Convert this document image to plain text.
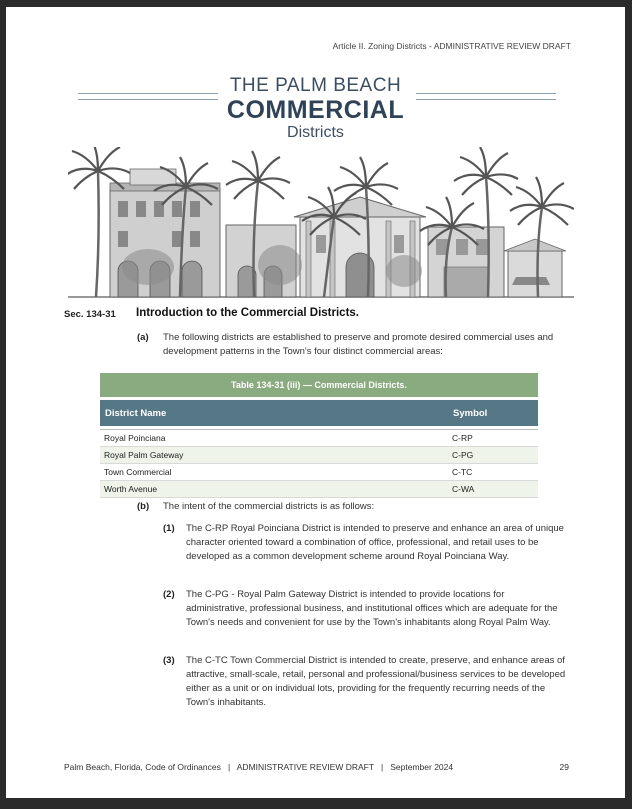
Article II. Zoning Districts - ADMINISTRATIVE REVIEW DRAFT
THE PALM BEACH
COMMERCIAL
Districts
Sec. 134-31 Introduction to the Commercial Districts.
(a) The following districts are established to preserve and promote desired commercial uses and development patterns in the Town's four distinct commercial areas:
Table 134-31 (iii) — Commercial Districts.	

District Name	Symbol

Royal Poinciana	C-RP
Royal Palm Gateway	C-PG
Town Commercial	C-TC
Worth Avenue	C-WA
(b) The intent of the commercial districts is as follows:
(1) The C-RP Royal Poinciana District is intended to preserve and enhance an area of unique character oriented toward a combination of office, professional, and retail uses to be developed as a common development scheme around Royal Poinciana Way.
(2) The C-PG - Royal Palm Gateway District is intended to provide locations for administrative, professional business, and institutional offices which are adequate for the Town's needs and convenient for use by the Town's inhabitants along Royal Palm Way.
(3) The C-TC Town Commercial District is intended to create, preserve, and enhance areas of attractive, small-scale, retail, personal and professional/business services to be developed either as a unit or on individual lots, providing for the frequently recurring needs of the Town's inhabitants.
Palm Beach, Florida, Code of Ordinances   |   ADMINISTRATIVE REVIEW DRAFT   |   September 2024	29
